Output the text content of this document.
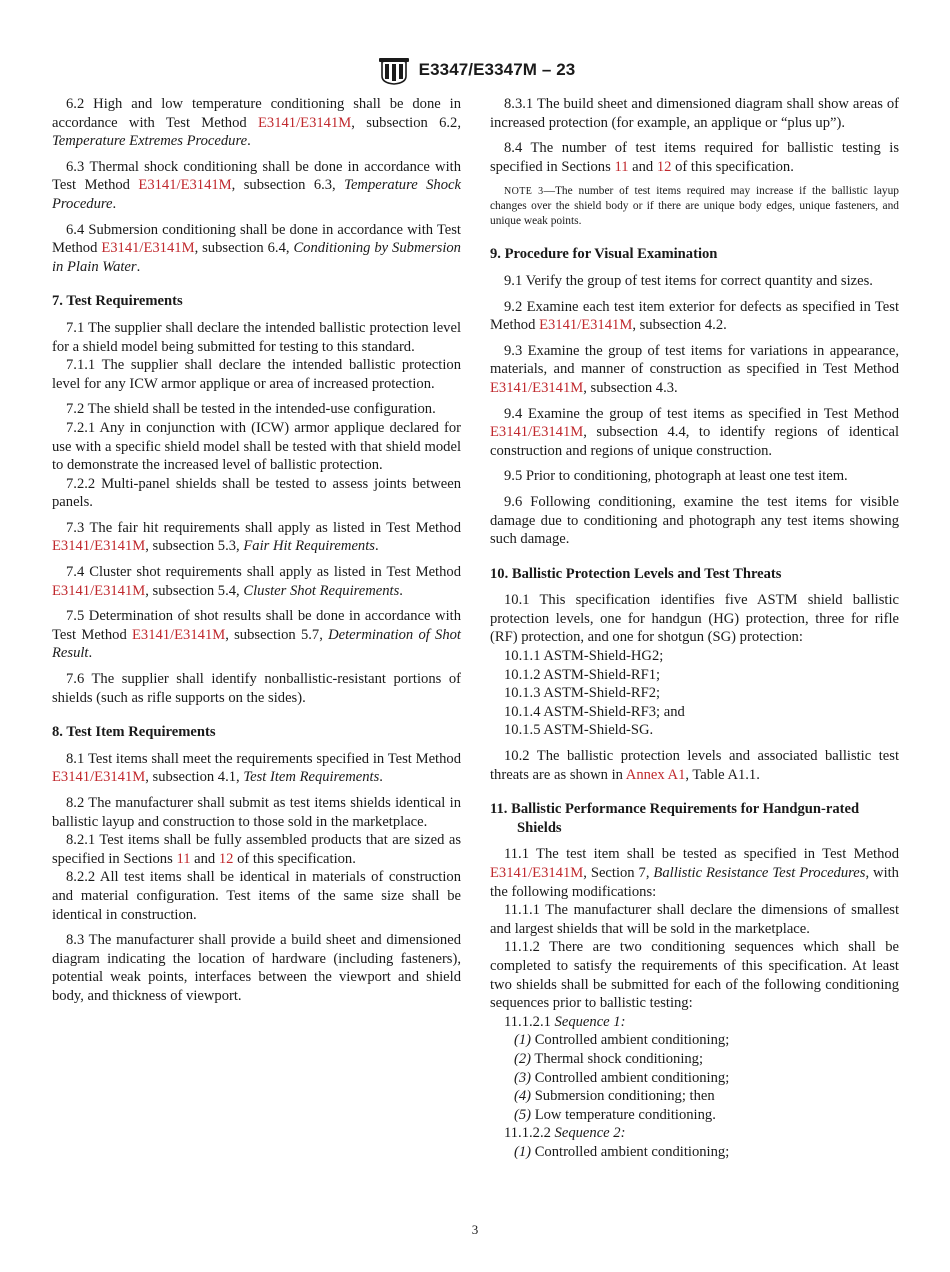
E3347/E3347M – 23

6.2 High and low temperature conditioning shall be done in accordance with Test Method E3141/E3141M, subsection 6.2, Temperature Extremes Procedure.

6.3 Thermal shock conditioning shall be done in accordance with Test Method E3141/E3141M, subsection 6.3, Temperature Shock Procedure.

6.4 Submersion conditioning shall be done in accordance with Test Method E3141/E3141M, subsection 6.4, Conditioning by Submersion in Plain Water.

7. Test Requirements

7.1 The supplier shall declare the intended ballistic protection level for a shield model being submitted for testing to this standard.

7.1.1 The supplier shall declare the intended ballistic protection level for any ICW armor applique or area of increased protection.

7.2 The shield shall be tested in the intended-use configuration.

7.2.1 Any in conjunction with (ICW) armor applique declared for use with a specific shield model shall be tested with that shield model to demonstrate the increased level of ballistic protection.

7.2.2 Multi-panel shields shall be tested to assess joints between panels.

7.3 The fair hit requirements shall apply as listed in Test Method E3141/E3141M, subsection 5.3, Fair Hit Requirements.

7.4 Cluster shot requirements shall apply as listed in Test Method E3141/E3141M, subsection 5.4, Cluster Shot Requirements.

7.5 Determination of shot results shall be done in accordance with Test Method E3141/E3141M, subsection 5.7, Determination of Shot Result.

7.6 The supplier shall identify nonballistic-resistant portions of shields (such as rifle supports on the sides).

8. Test Item Requirements

8.1 Test items shall meet the requirements specified in Test Method E3141/E3141M, subsection 4.1, Test Item Requirements.

8.2 The manufacturer shall submit as test items shields identical in ballistic layup and construction to those sold in the marketplace.

8.2.1 Test items shall be fully assembled products that are sized as specified in Sections 11 and 12 of this specification.

8.2.2 All test items shall be identical in materials of construction and material configuration. Test items of the same size shall be identical in construction.

8.3 The manufacturer shall provide a build sheet and dimensioned diagram indicating the location of hardware (including fasteners), potential weak points, interfaces between the viewport and shield body, and thickness of viewport.

8.3.1 The build sheet and dimensioned diagram shall show areas of increased protection (for example, an applique or “plus up”).

8.4 The number of test items required for ballistic testing is specified in Sections 11 and 12 of this specification.

NOTE 3—The number of test items required may increase if the ballistic layup changes over the shield body or if there are unique body edges, unique fasteners, and unique weak points.

9. Procedure for Visual Examination

9.1 Verify the group of test items for correct quantity and sizes.

9.2 Examine each test item exterior for defects as specified in Test Method E3141/E3141M, subsection 4.2.

9.3 Examine the group of test items for variations in appearance, materials, and manner of construction as specified in Test Method E3141/E3141M, subsection 4.3.

9.4 Examine the group of test items as specified in Test Method E3141/E3141M, subsection 4.4, to identify regions of identical construction and regions of unique construction.

9.5 Prior to conditioning, photograph at least one test item.

9.6 Following conditioning, examine the test items for visible damage due to conditioning and photograph any test items showing such damage.

10. Ballistic Protection Levels and Test Threats

10.1 This specification identifies five ASTM shield ballistic protection levels, one for handgun (HG) protection, three for rifle (RF) protection, and one for shotgun (SG) protection:

10.1.1 ASTM-Shield-HG2;
10.1.2 ASTM-Shield-RF1;
10.1.3 ASTM-Shield-RF2;
10.1.4 ASTM-Shield-RF3; and
10.1.5 ASTM-Shield-SG.

10.2 The ballistic protection levels and associated ballistic test threats are as shown in Annex A1, Table A1.1.

11. Ballistic Performance Requirements for Handgun-rated Shields

11.1 The test item shall be tested as specified in Test Method E3141/E3141M, Section 7, Ballistic Resistance Test Procedures, with the following modifications:

11.1.1 The manufacturer shall declare the dimensions of smallest and largest shields that will be sold in the marketplace.

11.1.2 There are two conditioning sequences which shall be completed to satisfy the requirements of this specification. At least two shields shall be submitted for each of the following conditioning sequences prior to ballistic testing:

11.1.2.1 Sequence 1:
(1) Controlled ambient conditioning;
(2) Thermal shock conditioning;
(3) Controlled ambient conditioning;
(4) Submersion conditioning; then
(5) Low temperature conditioning.
11.1.2.2 Sequence 2:
(1) Controlled ambient conditioning;
3
